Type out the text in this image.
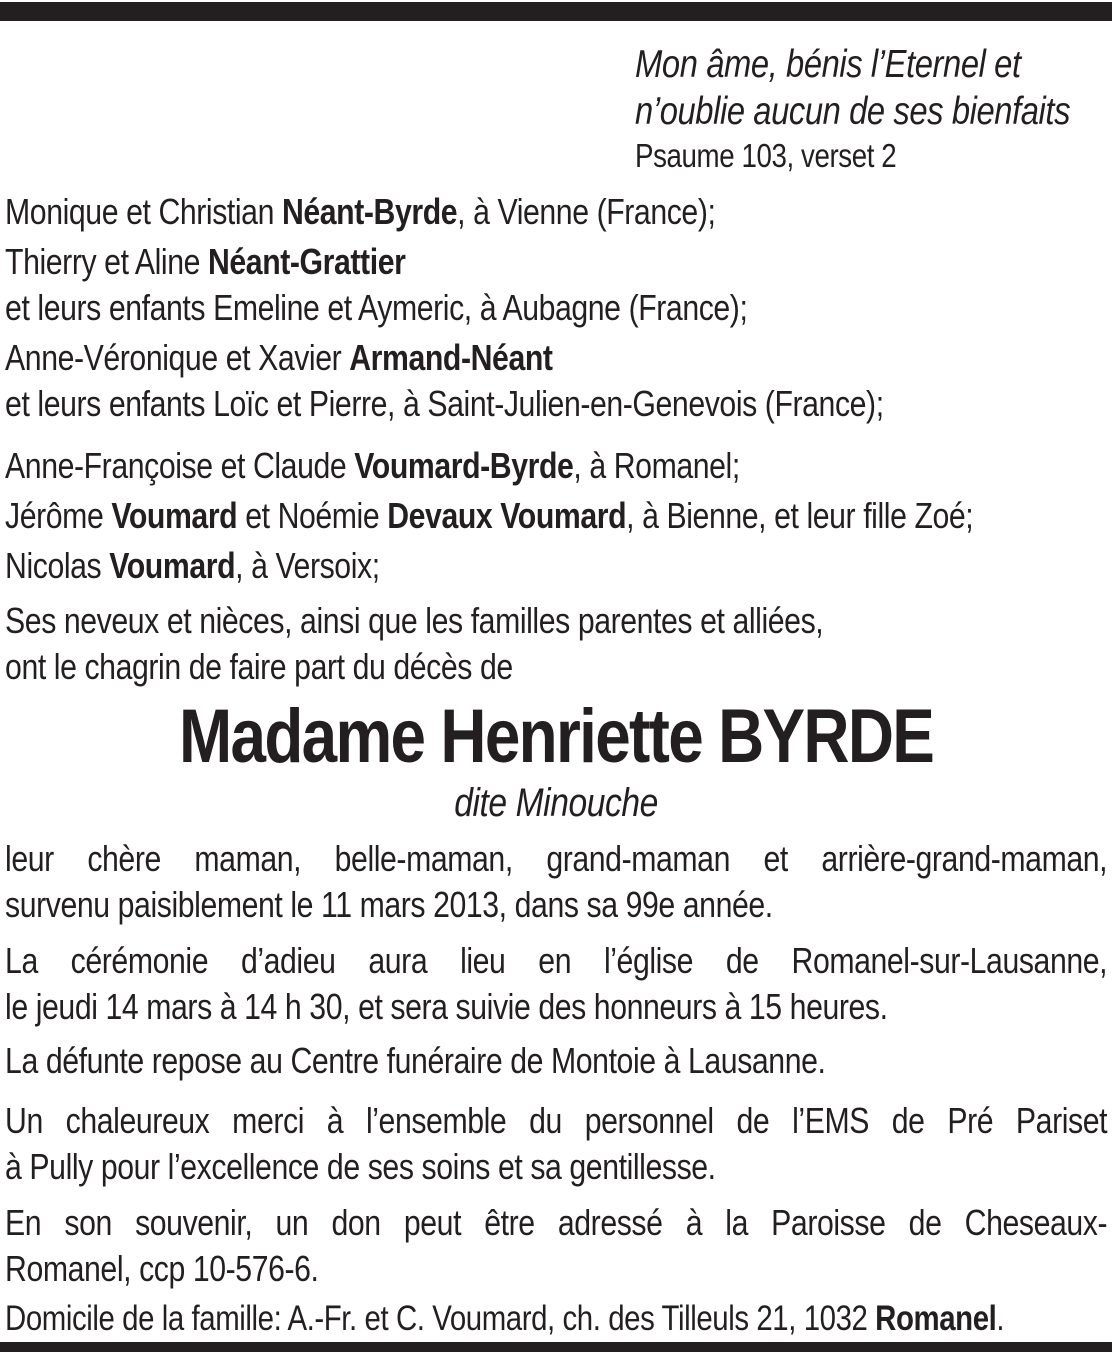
Mon âme, bénis l’Eternel et
n’oublie aucun de ses bienfaits
Psaume 103, verset 2
Monique et Christian Néant-Byrde, à Vienne (France);
Thierry et Aline Néant-Grattier
et leurs enfants Emeline et Aymeric, à Aubagne (France);
Anne-Véronique et Xavier Armand-Néant
et leurs enfants Loïc et Pierre, à Saint-Julien-en-Genevois (France);
Anne-Françoise et Claude Voumard-Byrde, à Romanel;
Jérôme Voumard et Noémie Devaux Voumard, à Bienne, et leur fille Zoé;
Nicolas Voumard, à Versoix;
Ses neveux et nièces, ainsi que les familles parentes et alliées,
ont le chagrin de faire part du décès de
Madame Henriette BYRDE
dite Minouche
leur chère maman, belle-maman, grand-maman et arrière-grand-maman,
survenu paisiblement le 11 mars 2013, dans sa 99e année.
La cérémonie d’adieu aura lieu en l’église de Romanel-sur-Lausanne,
le jeudi 14 mars à 14 h 30, et sera suivie des honneurs à 15 heures.
La défunte repose au Centre funéraire de Montoie à Lausanne.
Un chaleureux merci à l’ensemble du personnel de l’EMS de Pré Pariset
à Pully pour l’excellence de ses soins et sa gentillesse.
En son souvenir, un don peut être adressé à la Paroisse de Cheseaux-
Romanel, ccp 10-576-6.
Domicile de la famille: A.-Fr. et C. Voumard, ch. des Tilleuls 21, 1032 Romanel.
